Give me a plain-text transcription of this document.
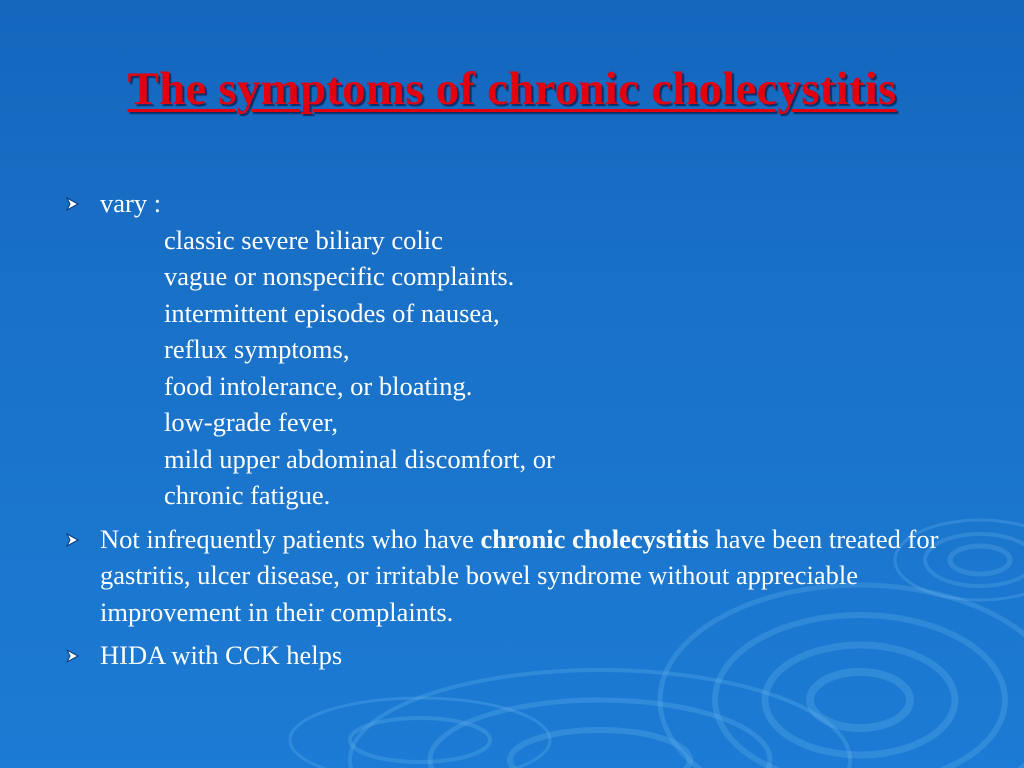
The symptoms of chronic cholecystitis
vary :
classic severe biliary colic
vague or nonspecific complaints.
intermittent episodes of nausea,
reflux symptoms,
food intolerance, or bloating.
low-grade fever,
mild upper abdominal discomfort, or
chronic fatigue.
Not infrequently patients who have chronic cholecystitis have been treated for gastritis, ulcer disease, or irritable bowel syndrome without appreciable improvement in their complaints.
HIDA with CCK helps
